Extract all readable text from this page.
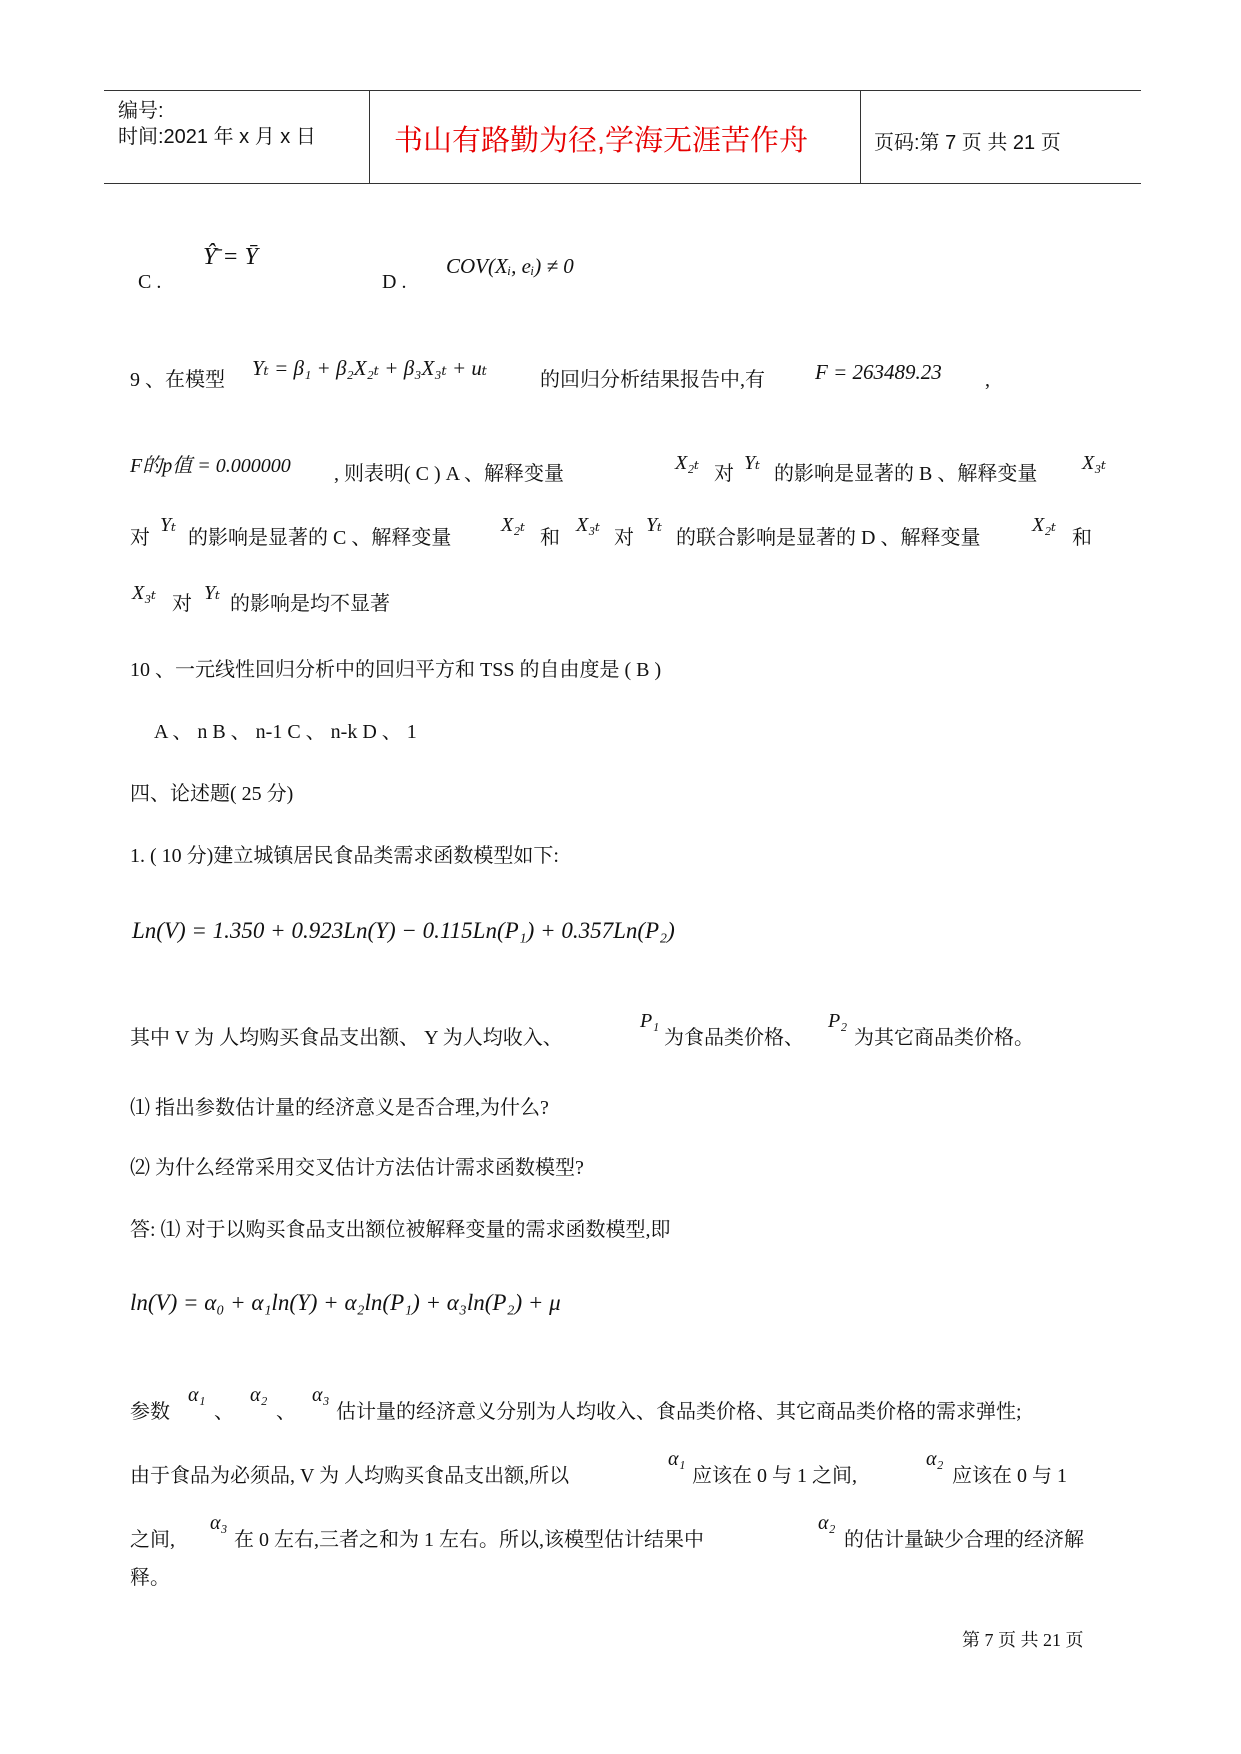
编号:
时间:2021 年 x 月 x 日	书山有路勤为径,学海无涯苦作舟	页码:第 7 页 共 21 页
C .
Ŷ̄ = Ȳ
D .
COV(Xᵢ, eᵢ) ≠ 0
9 、在模型 Yₜ = β₁ + β₂X₂ₜ + β₃X₃ₜ + uₜ	的回归分析结果报告中,有 F = 263489.23 ,
F的p值 = 0.000000 , 则表明( C ) A 、解释变量	X₂ₜ 对 Yₜ 的影响是显著的 B 、解释变量 X₃ₜ
对
Yₜ
的影响是显著的 C 、解释变量
X₂ₜ
和
X₃ₜ
对
Yₜ
的联合影响是显著的 D 、解释变量
X₂ₜ
和
X₃ₜ 对 Yₜ 的影响是均不显著
10 、一元线性回归分析中的回归平方和 TSS 的自由度是 ( B )
A 、 n B 、 n-1 C 、 n-k D 、 1
四、论述题( 25 分)
1. ( 10 分)建立城镇居民食品类需求函数模型如下:
Ln(V) = 1.350 + 0.923Ln(Y) − 0.115Ln(P₁) + 0.357Ln(P₂)
其中 V 为 人均购买食品支出额、 Y 为人均收入、
P₁
为食品类价格、
P₂
为其它商品类价格。
⑴ 指出参数估计量的经济意义是否合理,为什么?
⑵ 为什么经常采用交叉估计方法估计需求函数模型?
答: ⑴ 对于以购买食品支出额位被解释变量的需求函数模型,即
ln(V) = α₀ + α₁ln(Y) + α₂ln(P₁) + α₃ln(P₂) + μ
参数
α₁
、
α₂
、
α₃
估计量的经济意义分别为人均收入、食品类价格、其它商品类价格的需求弹性;
由于食品为必须品, V 为 人均购买食品支出额,所以
α₁
应该在 0 与 1 之间,
α₂
应该在 0 与 1
之间,
α₃
在 0 左右,三者之和为 1 左右。所以,该模型估计结果中
α₂
的估计量缺少合理的经济解
释。
第 7 页 共 21 页
